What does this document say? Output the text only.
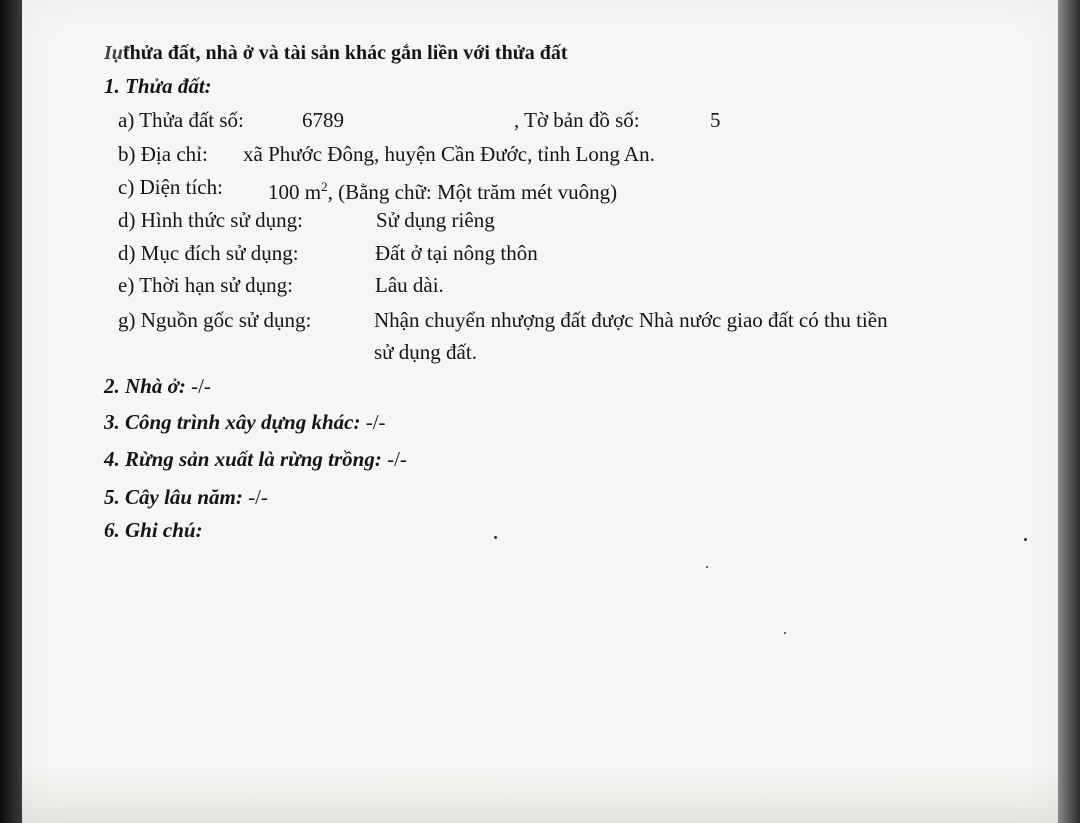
Iụ̃thửa đất, nhà ở và tài sản khác gắn liền với thửa đất
1. Thửa đất:
a) Thửa đất số:	6789	, Tờ bản đồ số:	5
b) Địa chỉ: xã Phước Đông, huyện Cần Đước, tỉnh Long An.
c) Diện tích: 100 $m^2$, (Bằng chữ: Một trăm mét vuông)
d) Hình thức sử dụng:	Sử dụng riêng
d) Mục đích sử dụng:	Đất ở tại nông thôn
e) Thời hạn sử dụng:	Lâu dài.
g) Nguồn gốc sử dụng:	Nhận chuyển nhượng đất được Nhà nước giao đất có thu tiền
sử dụng đất.
2. Nhà ở: -/-
3. Công trình xây dựng khác: -/-
4. Rừng sản xuất là rừng trồng: -/-
5. Cây lâu năm: -/-
6. Ghi chú:
